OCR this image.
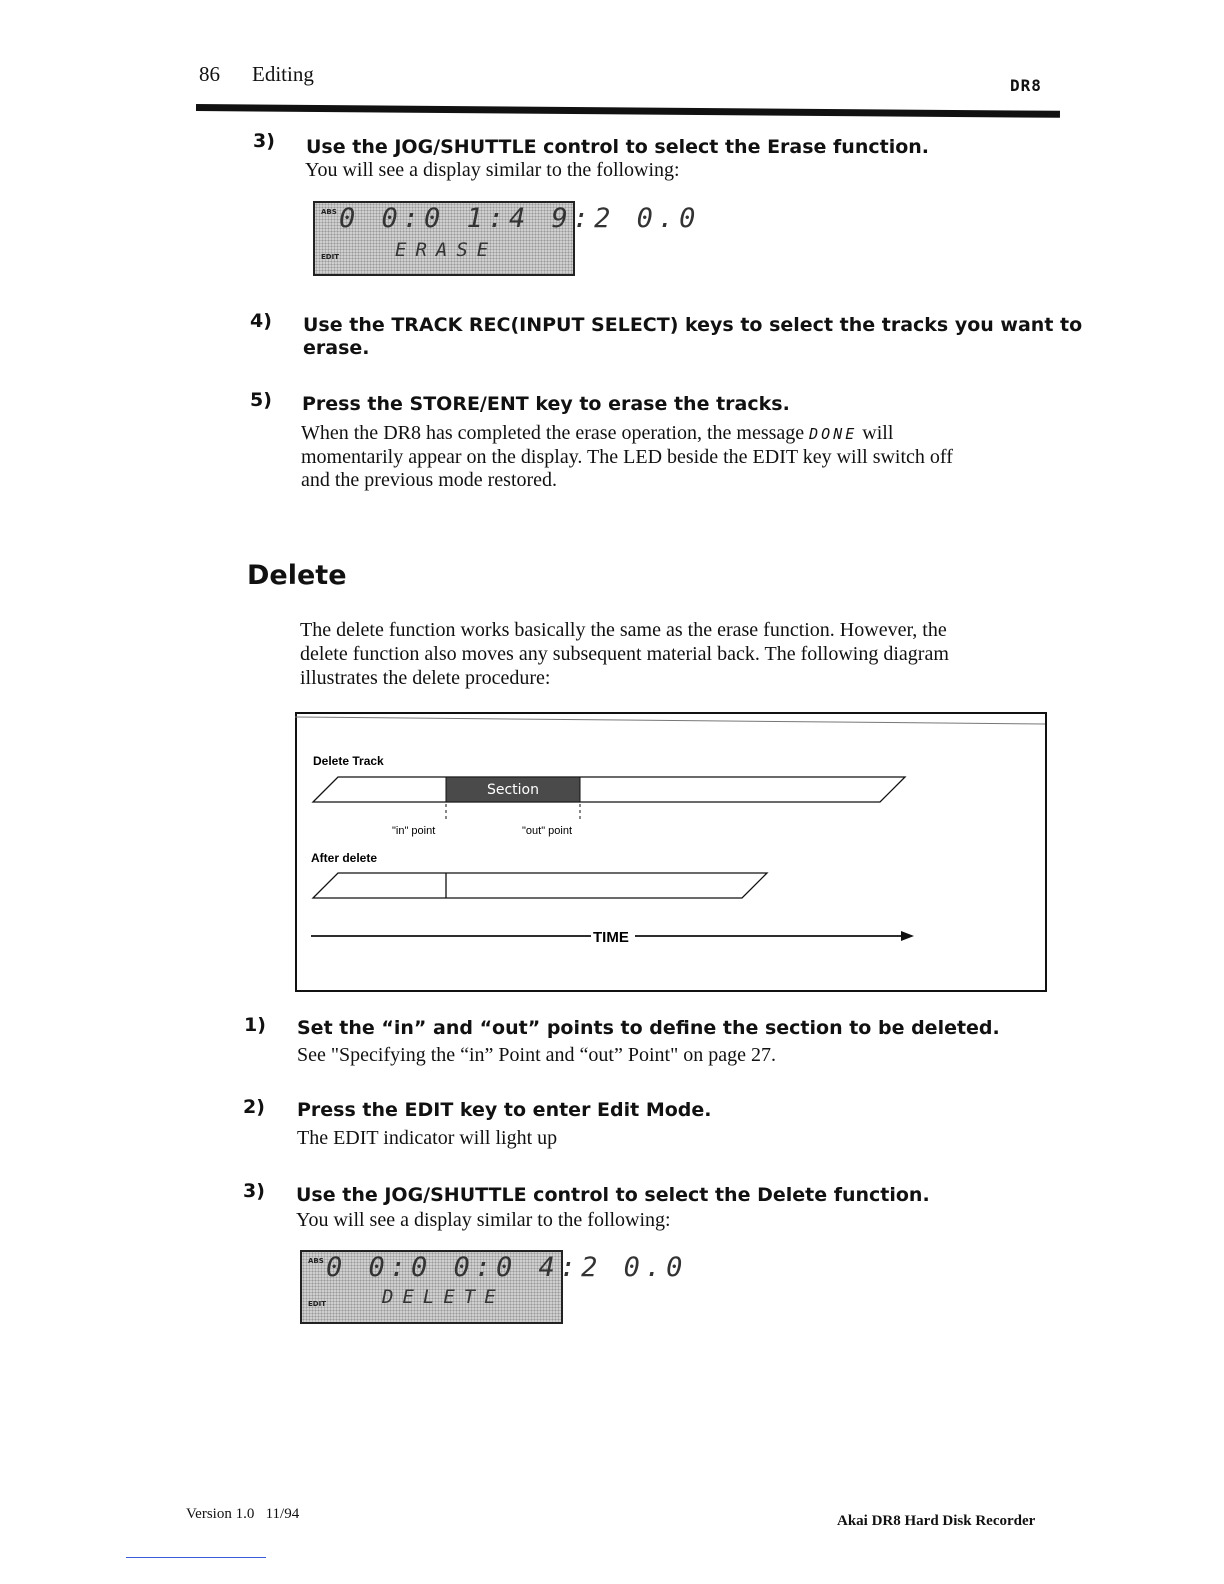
86 Editing	DR8
3) Use the JOG/SHUTTLE control to select the Erase function.
You will see a display similar to the following:
ABS
EDIT
0 0:0 1:4 9:2 0.0
ERASE
4) Use the TRACK REC(INPUT SELECT) keys to select the tracks you want to
erase.
5) Press the STORE/ENT key to erase the tracks.
When the DR8 has completed the erase operation, the message DONE will
momentarily appear on the display. The LED beside the EDIT key will switch off
and the previous mode restored.
Delete
The delete function works basically the same as the erase function. However, the
delete function also moves any subsequent material back. The following diagram
illustrates the delete procedure:
Delete Track
Section
"in" point	"out" point
After delete
TIME
1) Set the “in” and “out” points to define the section to be deleted.
See "Specifying the “in” Point and “out” Point" on page 27.
2) Press the EDIT key to enter Edit Mode.
The EDIT indicator will light up
3) Use the JOG/SHUTTLE control to select the Delete function.
You will see a display similar to the following:
ABS
EDIT
0 0:0 0:0 4:2 0.0
DELETE
Version 1.0   11/94	Akai DR8 Hard Disk Recorder
